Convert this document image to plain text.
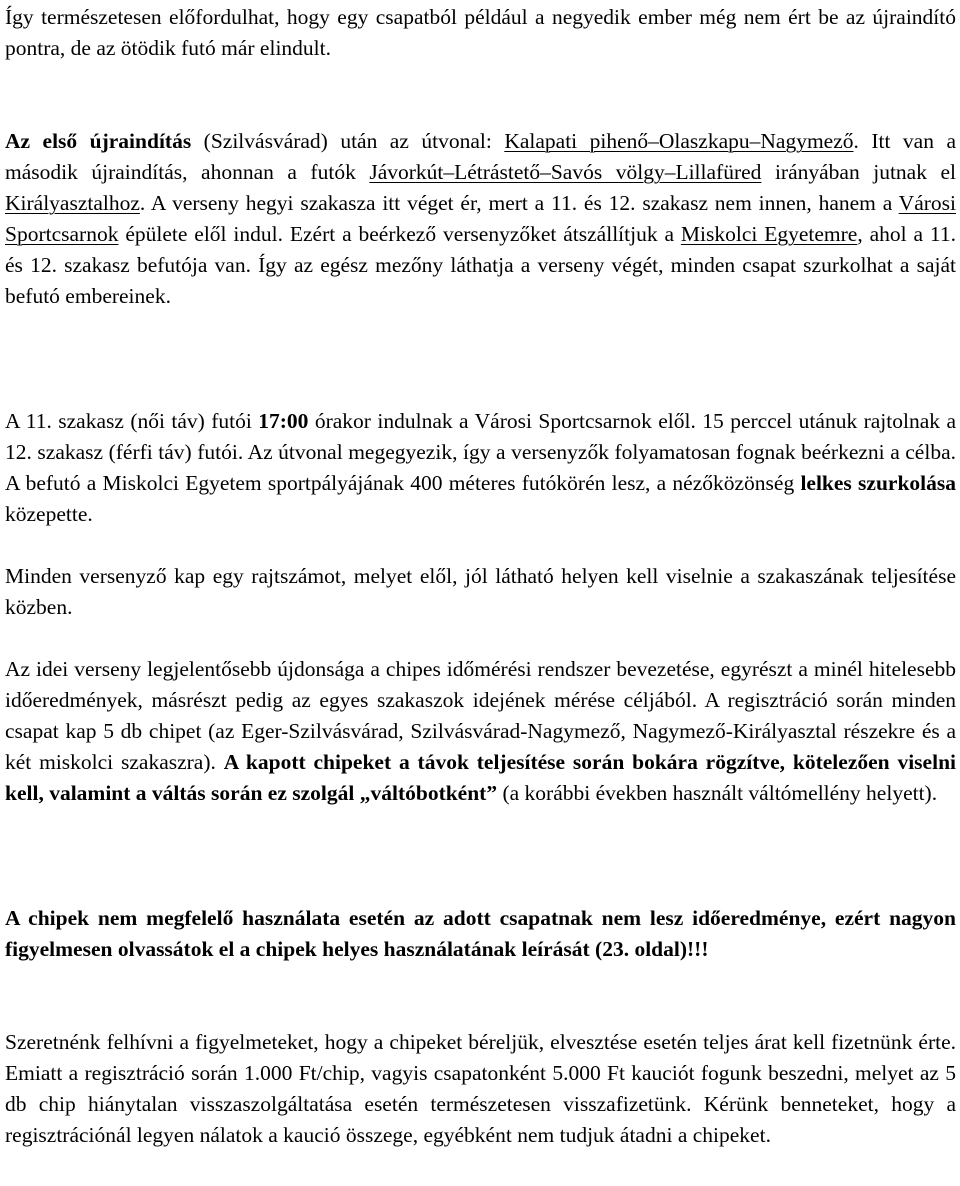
Így természetesen előfordulhat, hogy egy csapatból például a negyedik ember még nem ért be az újraindító pontra, de az ötödik futó már elindult.

Az első újraindítás (Szilvásvárad) után az útvonal: Kalapati pihenő–Olaszkapu–Nagymező. Itt van a második újraindítás, ahonnan a futók Jávorkút–Létrástető–Savós völgy–Lillafüred irányában jutnak el Királyasztalhoz. A verseny hegyi szakasza itt véget ér, mert a 11. és 12. szakasz nem innen, hanem a Városi Sportcsarnok épülete elől indul. Ezért a beérkező versenyzőket átszállítjuk a Miskolci Egyetemre, ahol a 11. és 12. szakasz befutója van. Így az egész mezőny láthatja a verseny végét, minden csapat szurkolhat a saját befutó embereinek.

A 11. szakasz (női táv) futói 17:00 órakor indulnak a Városi Sportcsarnok elől. 15 perccel utánuk rajtolnak a 12. szakasz (férfi táv) futói. Az útvonal megegyezik, így a versenyzők folyamatosan fognak beérkezni a célba. A befutó a Miskolci Egyetem sportpályájának 400 méteres futókörén lesz, a nézőközönség lelkes szurkolása közepette.

Minden versenyző kap egy rajtszámot, melyet elől, jól látható helyen kell viselnie a szakaszának teljesítése közben.

Az idei verseny legjelentősebb újdonsága a chipes időmérési rendszer bevezetése, egyrészt a minél hitelesebb időeredmények, másrészt pedig az egyes szakaszok idejének mérése céljából. A regisztráció során minden csapat kap 5 db chipet (az Eger-Szilvásvárad, Szilvásvárad-Nagymező, Nagymező-Királyasztal részekre és a két miskolci szakaszra). A kapott chipeket a távok teljesítése során bokára rögzítve, kötelezően viselni kell, valamint a váltás során ez szolgál „váltóbotként” (a korábbi években használt váltómellény helyett).

A chipek nem megfelelő használata esetén az adott csapatnak nem lesz időeredménye, ezért nagyon figyelmesen olvassátok el a chipek helyes használatának leírását (23. oldal)!!!

Szeretnénk felhívni a figyelmeteket, hogy a chipeket béreljük, elvesztése esetén teljes árat kell fizetnünk érte. Emiatt a regisztráció során 1.000 Ft/chip, vagyis csapatonként 5.000 Ft kauciót fogunk beszedni, melyet az 5 db chip hiánytalan visszaszolgáltatása esetén természetesen visszafizetünk. Kérünk benneteket, hogy a regisztrációnál legyen nálatok a kaució összege, egyébként nem tudjuk átadni a chipeket.
